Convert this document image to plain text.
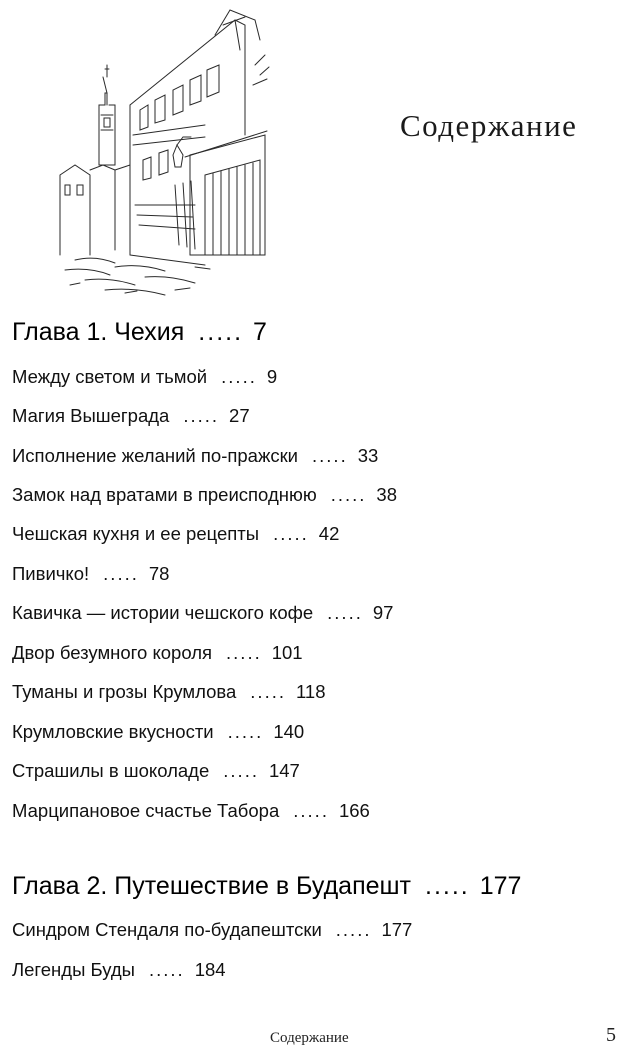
Содержание
Глава 1. Чехия ..... 7
Между светом и тьмой ..... 9
Магия Вышеграда ..... 27
Исполнение желаний по-пражски ..... 33
Замок над вратами в преисподнюю ..... 38
Чешская кухня и ее рецепты ..... 42
Пивичко! ..... 78
Кавичка — истории чешского кофе ..... 97
Двор безумного короля ..... 101
Туманы и грозы Крумлова ..... 118
Крумловские вкусности ..... 140
Страшилы в шоколаде ..... 147
Марципановое счастье Табора ..... 166
Глава 2. Путешествие в Будапешт ..... 177
Синдром Стендаля по-будапештски ..... 177
Легенды Буды ..... 184
Содержание	5
